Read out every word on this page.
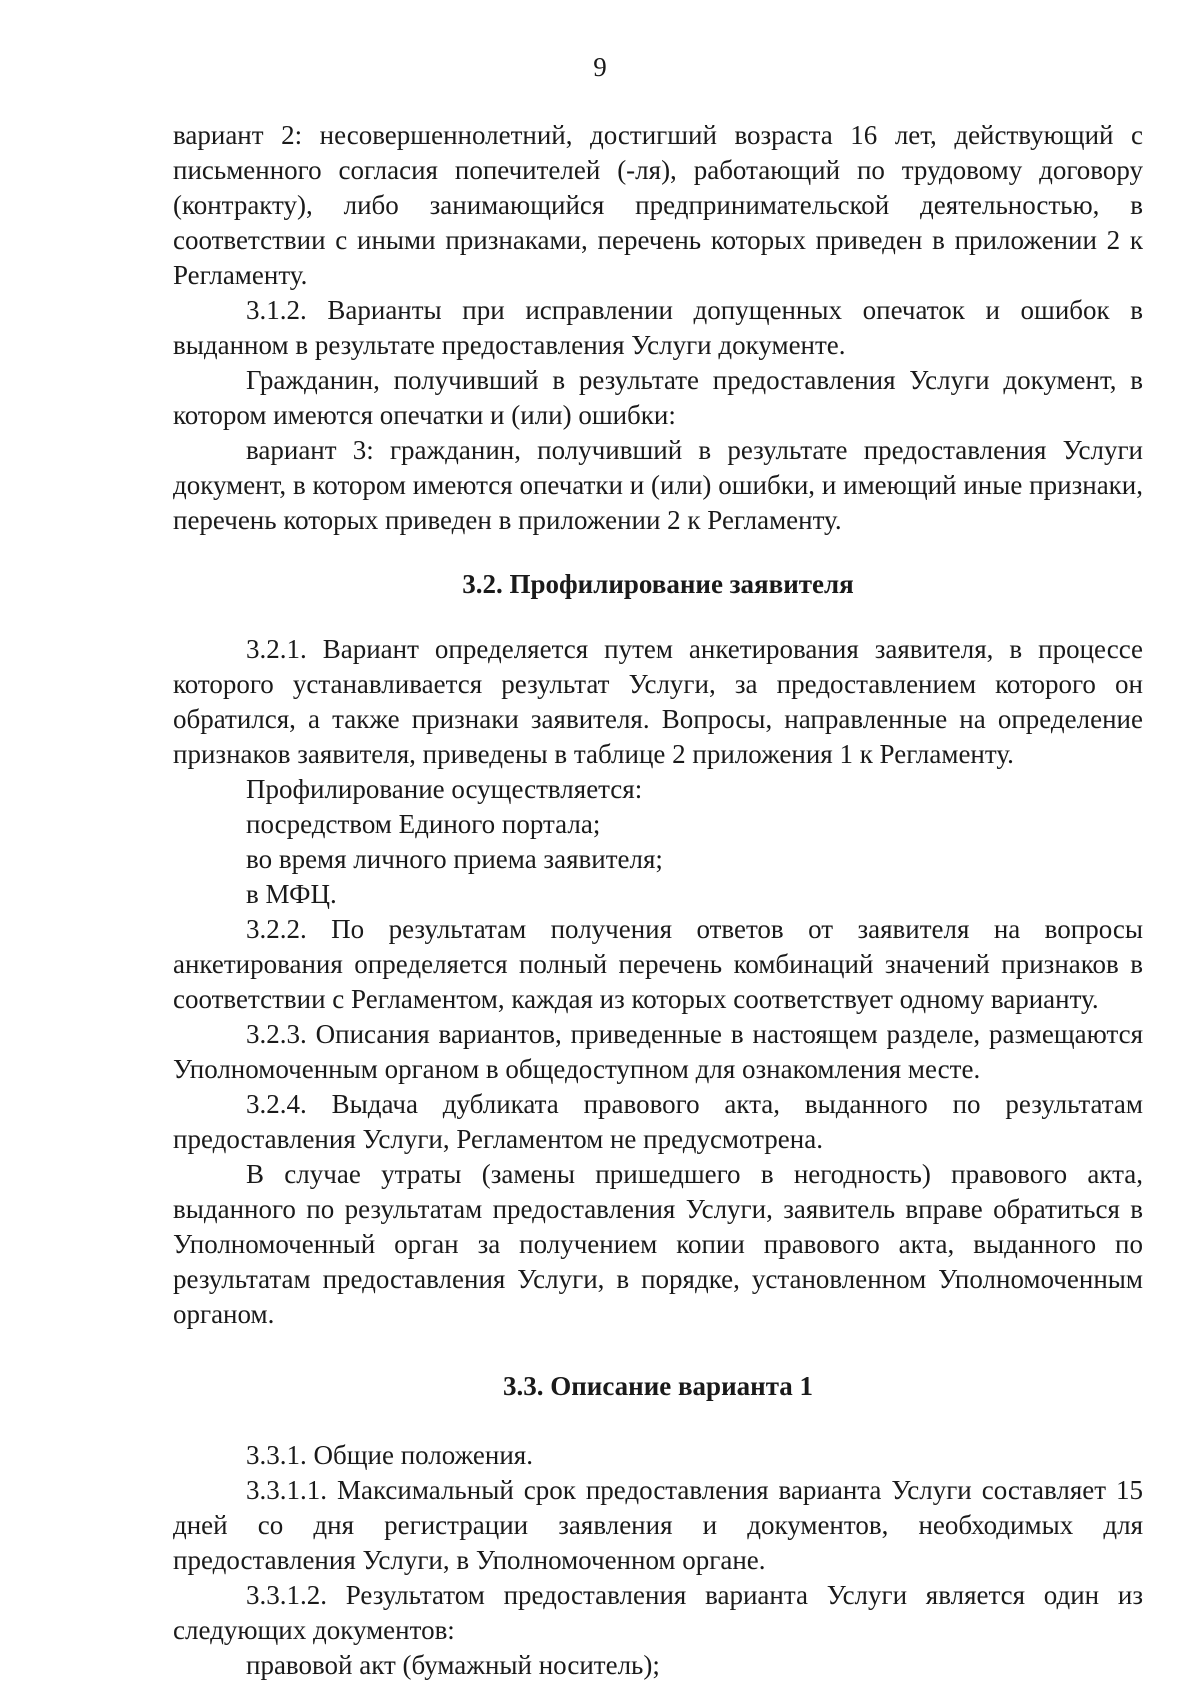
9

вариант 2: несовершеннолетний, достигший возраста 16 лет, действующий с письменного согласия попечителей (-ля), работающий по трудовому договору (контракту), либо занимающийся предпринимательской деятельностью, в соответствии с иными признаками, перечень которых приведен в приложении 2 к Регламенту.

3.1.2. Варианты при исправлении допущенных опечаток и ошибок в выданном в результате предоставления Услуги документе.

Гражданин, получивший в результате предоставления Услуги документ, в котором имеются опечатки и (или) ошибки:

вариант 3: гражданин, получивший в результате предоставления Услуги документ, в котором имеются опечатки и (или) ошибки, и имеющий иные признаки, перечень которых приведен в приложении 2 к Регламенту.

3.2. Профилирование заявителя

3.2.1. Вариант определяется путем анкетирования заявителя, в процессе которого устанавливается результат Услуги, за предоставлением которого он обратился, а также признаки заявителя. Вопросы, направленные на определение признаков заявителя, приведены в таблице 2 приложения 1 к Регламенту.

Профилирование осуществляется:

посредством Единого портала;

во время личного приема заявителя;

в МФЦ.

3.2.2. По результатам получения ответов от заявителя на вопросы анкетирования определяется полный перечень комбинаций значений признаков в соответствии с Регламентом, каждая из которых соответствует одному варианту.

3.2.3. Описания вариантов, приведенные в настоящем разделе, размещаются Уполномоченным органом в общедоступном для ознакомления месте.

3.2.4. Выдача дубликата правового акта, выданного по результатам предоставления Услуги, Регламентом не предусмотрена.

В случае утраты (замены пришедшего в негодность) правового акта, выданного по результатам предоставления Услуги, заявитель вправе обратиться в Уполномоченный орган за получением копии правового акта, выданного по результатам предоставления Услуги, в порядке, установленном Уполномоченным органом.

3.3. Описание варианта 1

3.3.1. Общие положения.

3.3.1.1. Максимальный срок предоставления варианта Услуги составляет 15 дней со дня регистрации заявления и документов, необходимых для предоставления Услуги, в Уполномоченном органе.

3.3.1.2. Результатом предоставления варианта Услуги является один из следующих документов:

правовой акт (бумажный носитель);
